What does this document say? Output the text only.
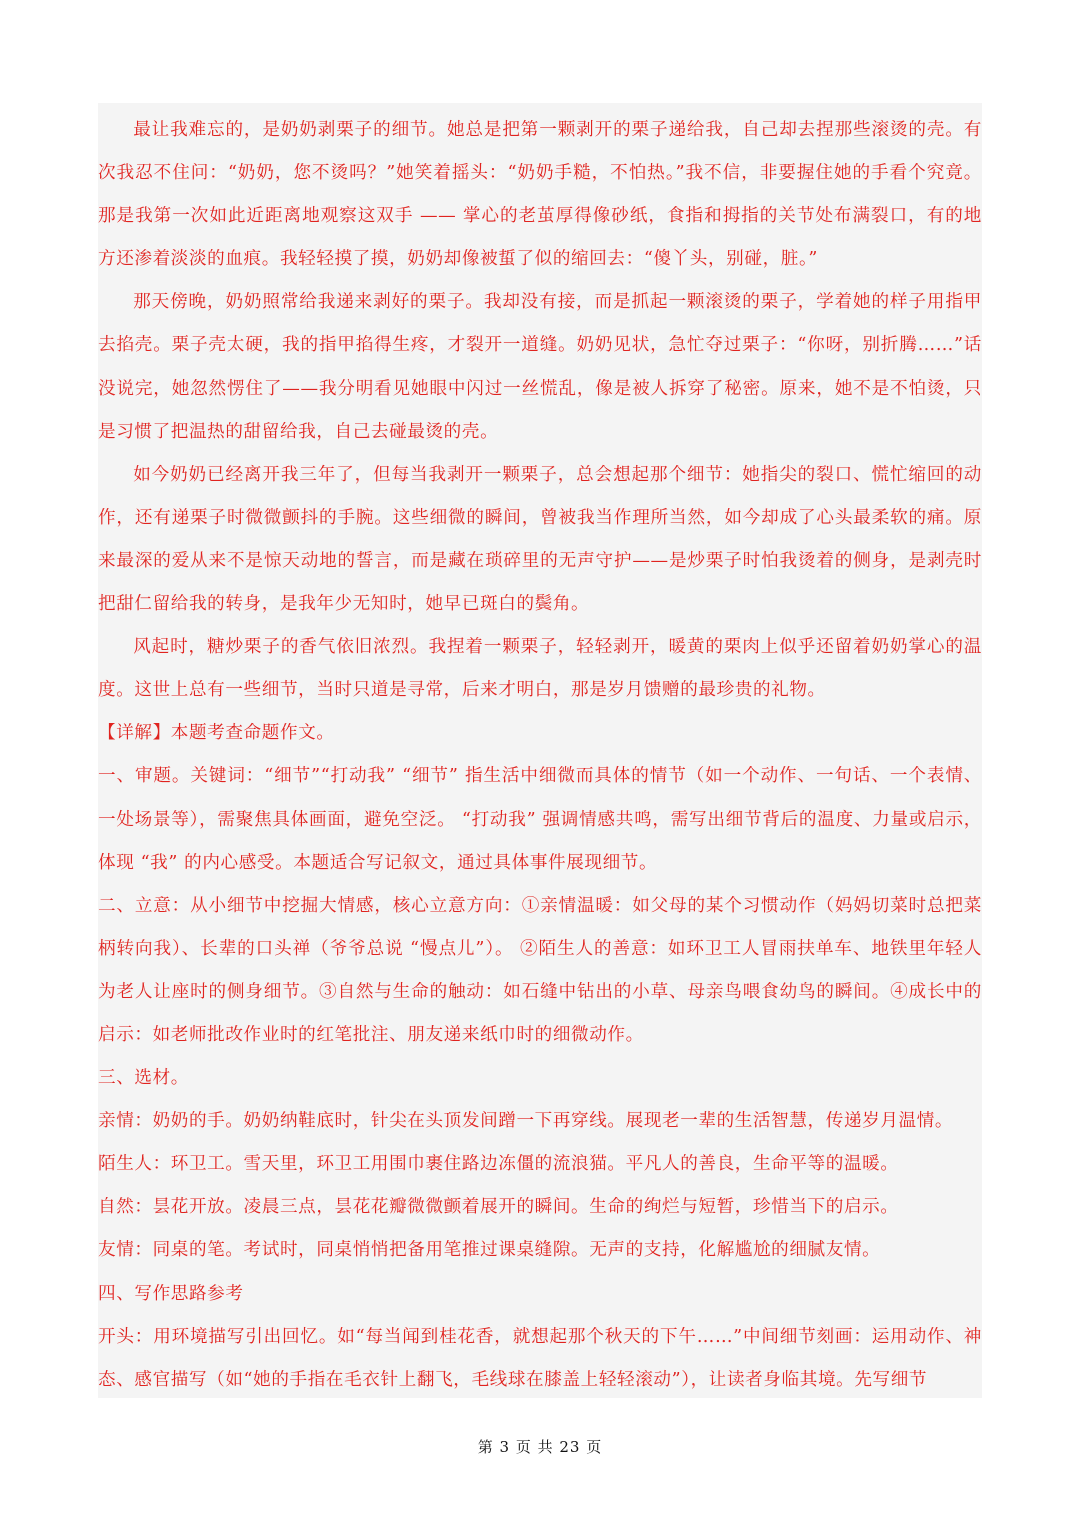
最让我难忘的，是奶奶剥栗子的细节。她总是把第一颗剥开的栗子递给我，自己却去捏那些滚烫的壳。有次我忍不住问：“奶奶，您不烫吗？”她笑着摇头：“奶奶手糙，不怕热。”我不信，非要握住她的手看个究竟。那是我第一次如此近距离地观察这双手 —— 掌心的老茧厚得像砂纸，食指和拇指的关节处布满裂口，有的地方还渗着淡淡的血痕。我轻轻摸了摸，奶奶却像被蜇了似的缩回去：“傻丫头，别碰，脏。”

那天傍晚，奶奶照常给我递来剥好的栗子。我却没有接，而是抓起一颗滚烫的栗子，学着她的样子用指甲去掐壳。栗子壳太硬，我的指甲掐得生疼，才裂开一道缝。奶奶见状，急忙夺过栗子：“你呀，别折腾……”话没说完，她忽然愣住了——我分明看见她眼中闪过一丝慌乱，像是被人拆穿了秘密。原来，她不是不怕烫，只是习惯了把温热的甜留给我，自己去碰最烫的壳。

如今奶奶已经离开我三年了，但每当我剥开一颗栗子，总会想起那个细节：她指尖的裂口、慌忙缩回的动作，还有递栗子时微微颤抖的手腕。这些细微的瞬间，曾被我当作理所当然，如今却成了心头最柔软的痛。原来最深的爱从来不是惊天动地的誓言，而是藏在琐碎里的无声守护——是炒栗子时怕我烫着的侧身，是剥壳时把甜仁留给我的转身，是我年少无知时，她早已斑白的鬓角。

风起时，糖炒栗子的香气依旧浓烈。我捏着一颗栗子，轻轻剥开，暖黄的栗肉上似乎还留着奶奶掌心的温度。这世上总有一些细节，当时只道是寻常，后来才明白，那是岁月馈赠的最珍贵的礼物。

【详解】本题考查命题作文。

一、审题。关键词：“细节”“打动我” “细节” 指生活中细微而具体的情节（如一个动作、一句话、一个表情、一处场景等），需聚焦具体画面，避免空泛。 “打动我” 强调情感共鸣，需写出细节背后的温度、力量或启示，体现 “我” 的内心感受。本题适合写记叙文，通过具体事件展现细节。

二、立意：从小细节中挖掘大情感，核心立意方向：①亲情温暖：如父母的某个习惯动作（妈妈切菜时总把菜柄转向我）、长辈的口头禅（爷爷总说 “慢点儿”）。 ②陌生人的善意：如环卫工人冒雨扶单车、地铁里年轻人为老人让座时的侧身细节。③自然与生命的触动：如石缝中钻出的小草、母亲鸟喂食幼鸟的瞬间。④成长中的启示：如老师批改作业时的红笔批注、朋友递来纸巾时的细微动作。

三、选材。

亲情：奶奶的手。奶奶纳鞋底时，针尖在头顶发间蹭一下再穿线。展现老一辈的生活智慧，传递岁月温情。

陌生人：环卫工。雪天里，环卫工用围巾裹住路边冻僵的流浪猫。平凡人的善良，生命平等的温暖。

自然：昙花开放。凌晨三点，昙花花瓣微微颤着展开的瞬间。生命的绚烂与短暂，珍惜当下的启示。

友情：同桌的笔。考试时，同桌悄悄把备用笔推过课桌缝隙。无声的支持，化解尴尬的细腻友情。

四、写作思路参考

开头：用环境描写引出回忆。如“每当闻到桂花香，就想起那个秋天的下午……”中间细节刻画：运用动作、神态、感官描写（如“她的手指在毛衣针上翻飞，毛线球在膝盖上轻轻滚动”），让读者身临其境。先写细节

第 3 页 共 23 页
